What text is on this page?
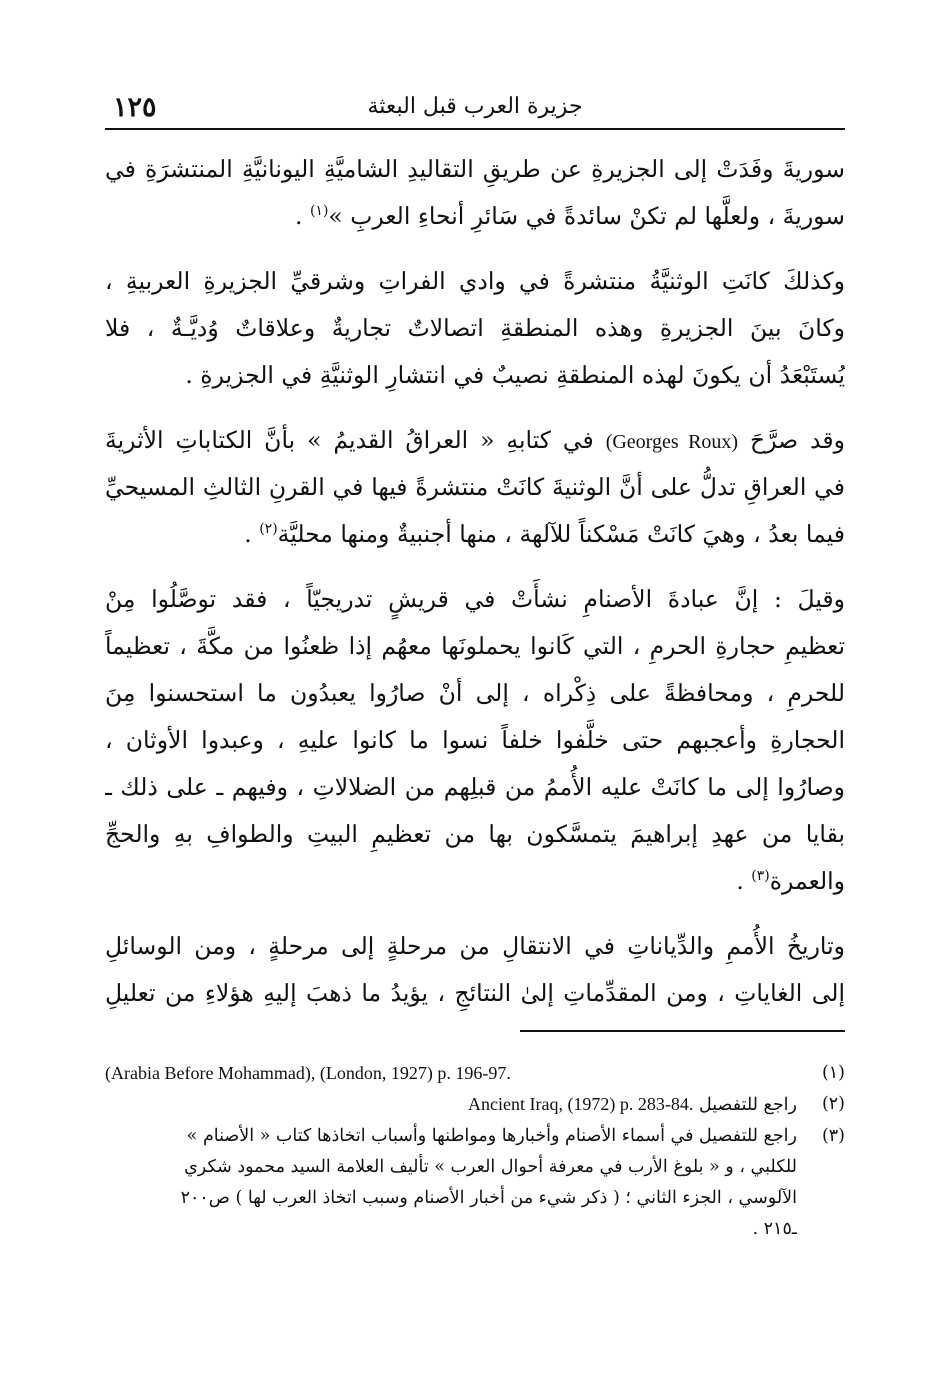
١٢٥	جزيرة العرب قبل البعثة
سوريةَ وفَدَتْ إلى الجزيرةِ عن طريقِ التقاليدِ الشاميَّةِ اليونانيَّةِ المنتشرَةِ في
سوريةَ ، ولعلَّها لم تكنْ سائدةً في سَائرِ أنحاءِ العربِ »$^{(١)}$ .
وكذلكَ كانَتِ الوثنيَّةُ منتشرةً في وادي الفراتِ وشرقيِّ الجزيرةِ العربيةِ ،
وكانَ بينَ الجزيرةِ وهذه المنطقةِ اتصالاتٌ تجاريةٌ وعلاقاتٌ وُديَّـةٌ ، فلا
يُستَبْعَدُ أن يكونَ لهذه المنطقةِ نصيبٌ في انتشارِ الوثنيَّةِ في الجزيرةِ .
وقد صرَّحَ (Georges Roux) في كتابهِ « العراقُ القديمُ » بأنَّ الكتاباتِ الأثريةَ
في العراقِ تدلُّ على أنَّ الوثنيةَ كانَتْ منتشرةً فيها في القرنِ الثالثِ المسيحيِّ
فيما بعدُ ، وهيَ كانَتْ مَسْكناً للآلهة ، منها أجنبيةٌ ومنها محليَّة$^{(٢)}$ .
وقيلَ : إنَّ عبادةَ الأصنامِ نشأَتْ في قريشٍ تدريجيّاً ، فقد توصَّلُوا مِنْ
تعظيمِ حجارةِ الحرمِ ، التي كَانوا يحملونَها معهُم إذا ظعنُوا من مكَّةَ ، تعظيماً
للحرمِ ، ومحافظةً على ذِكْراه ، إلى أنْ صارُوا يعبدُون ما استحسنوا مِنَ
الحجارةِ وأعجبهم حتى خلَّفوا خلفاً نسوا ما كانوا عليهِ ، وعبدوا الأوثان ،
وصارُوا إلى ما كانَتْ عليه الأُممُ من قبلِهم من الضلالاتِ ، وفيهم ـ على ذلك ـ
بقايا من عهدِ إبراهيمَ يتمسَّكون بها من تعظيمِ البيتِ والطوافِ بهِ والحجِّ
والعمرة$^{(٣)}$ .
وتاريخُ الأُممِ والدِّياناتِ في الانتقالِ من مرحلةٍ إلى مرحلةٍ ، ومن الوسائلِ
إلى الغاياتِ ، ومن المقدِّماتِ إلىٰ النتائجِ ، يؤيدُ ما ذهبَ إليهِ هؤلاءِ من تعليلِ
(١)
(Arabia Before Mohammad), (London, 1927) p. 196-97.
(٢)
راجع للتفصيل Ancient Iraq, (1972) p. 283-84.
(٣)
راجع للتفصيل في أسماء الأصنام وأخبارها ومواطنها وأسباب اتخاذها كتاب « الأصنام »
للكلبي ، و « بلوغ الأرب في معرفة أحوال العرب » تأليف العلامة السيد محمود شكري
الآلوسي ، الجزء الثاني ؛ ( ذكر شيء من أخبار الأصنام وسبب اتخاذ العرب لها ) ص٢٠٠
ـ٢١٥ .
